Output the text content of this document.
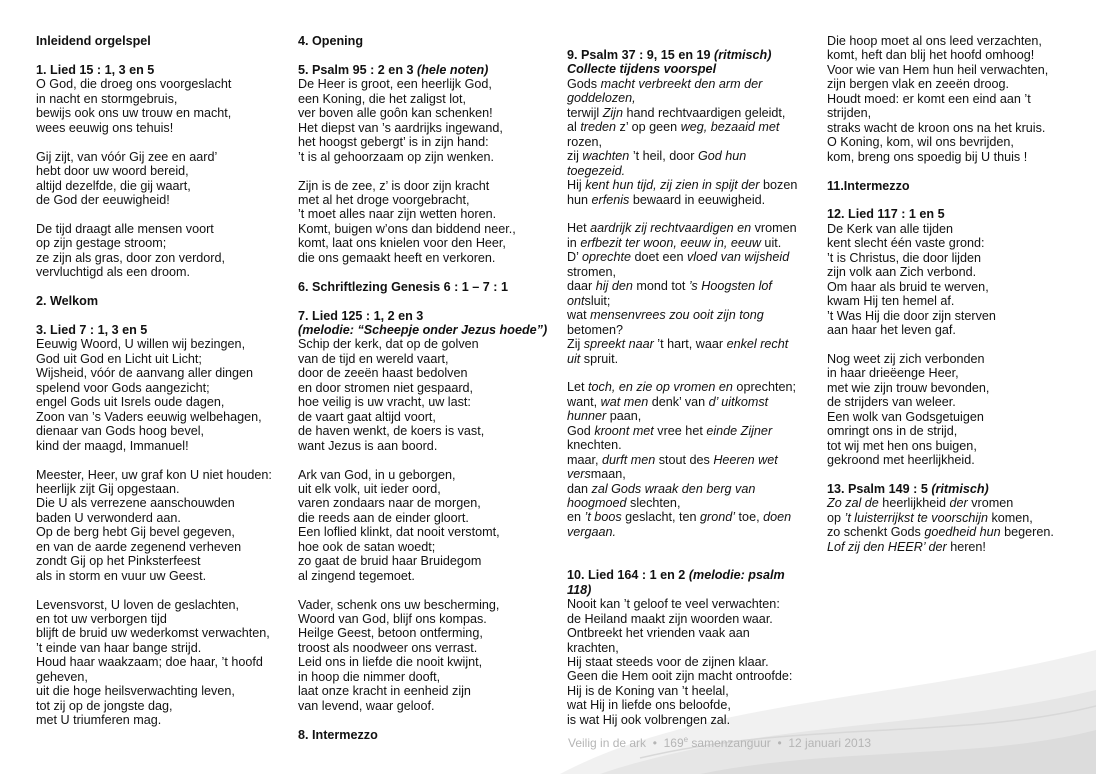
Inleidend orgelspel
1. Lied 15 : 1, 3 en 5

O God, die droeg ons voorgeslacht

in nacht en stormgebruis,

bewijs ook ons uw trouw en macht,

wees eeuwig ons tehuis!

Gij zijt, van vóór Gij zee en aard’

hebt door uw woord bereid,

altijd dezelfde, die gij waart,

de God der eeuwigheid!

De tijd draagt alle mensen voort

op zijn gestage stroom;

ze zijn als gras, door zon verdord,

vervluchtigd als een droom.

2. Welkom
3. Lied 7 : 1, 3 en 5

Eeuwig Woord, U willen wij bezingen,

God uit God en Licht uit Licht;

Wijsheid, vóór de aanvang aller dingen

spelend voor Gods aangezicht;

engel Gods uit Isrels oude dagen,

Zoon van ’s Vaders eeuwig welbehagen,

dienaar van Gods hoog bevel,

kind der maagd, Immanuel!

Meester, Heer, uw graf kon U niet houden:

heerlijk zijt Gij opgestaan.

Die U als verrezene aanschouwden

baden U verwonderd aan.

Op de berg hebt Gij bevel gegeven,

en van de aarde zegenend verheven

zondt Gij op het Pinksterfeest

als in storm en vuur uw Geest.

Levensvorst, U loven de geslachten,

en tot uw verborgen tijd

blijft de bruid uw wederkomst verwachten,

’t einde van haar bange strijd.

Houd haar waakzaam; doe haar, ’t hoofd

geheven,

uit die hoge heilsverwachting leven,

tot zij op de jongste dag,

met U triumferen mag.

4. Opening
5. Psalm 95 : 2 en 3 (hele noten)

De Heer is groot, een heerlijk God,

een Koning, die het zaligst lot,

ver boven alle goôn kan schenken!

Het diepst van ’s aardrijks ingewand,

het hoogst gebergt’ is in zijn hand:

’t is al gehoorzaam op zijn wenken.

Zijn is de zee, z’ is door zijn kracht

met al het droge voorgebracht,

’t moet alles naar zijn wetten horen.

Komt, buigen w’ons dan biddend neer.,

komt, laat ons knielen voor den Heer,

die ons gemaakt heeft en verkoren.

6. Schriftlezing Genesis 6 : 1 – 7 : 1
7. Lied 125 : 1, 2 en 3
(melodie: “Scheepje onder Jezus hoede”)

Schip der kerk, dat op de golven

van de tijd en wereld vaart,

door de zeeën haast bedolven

en door stromen niet gespaard,

hoe veilig is uw vracht, uw last:

de vaart gaat altijd voort,

de haven wenkt, de koers is vast,

want Jezus is aan boord.

Ark van God, in u geborgen,

uit elk volk, uit ieder oord,

varen zondaars naar de morgen,

die reeds aan de einder gloort.

Een loflied klinkt, dat nooit verstomt,

hoe ook de satan woedt;

zo gaat de bruid haar Bruidegom

al zingend tegemoet.

Vader, schenk ons uw bescherming,

Woord van God, blijf ons kompas.

Heilge Geest, betoon ontferming,

troost als noodweer ons verrast.

Leid ons in liefde die nooit kwijnt,

in hoop die nimmer dooft,

laat onze kracht in eenheid zijn

van levend, waar geloof.

8. Intermezzo
9. Psalm 37 : 9, 15 en 19 (ritmisch)
Collecte tijdens voorspel

Gods macht verbreekt den arm der

goddelozen,

terwijl Zijn hand rechtvaardigen geleidt,

al treden z’ op geen weg, bezaaid met

rozen,

zij wachten ’t heil, door God hun

toegezeid.

Hij kent hun tijd, zij zien in spijt der bozen

hun erfenis bewaard in eeuwigheid.

Het aardrijk zij rechtvaardigen en vromen

in erfbezit ter woon, eeuw in, eeuw uit.

D’ oprechte doet een vloed van wijsheid

stromen,

daar hij den mond tot ’s Hoogsten lof

ontsluit;

wat mensenvrees zou ooit zijn tong

betomen?

Zij spreekt naar ’t hart, waar enkel recht

uit spruit.

Let toch, en zie op vromen en oprechten;

want, wat men denk’ van d’ uitkomst

hunner paan,

God kroont met vree het einde Zijner

knechten.

maar, durft men stout des Heeren wet

versmaan,

dan zal Gods wraak den berg van

hoogmoed slechten,

en ’t boos geslacht, ten grond’ toe, doen

vergaan.

10. Lied 164 : 1 en 2 (melodie: psalm
118)

Nooit kan ’t geloof te veel verwachten:

de Heiland maakt zijn woorden waar.

Ontbreekt het vrienden vaak aan

krachten,

Hij staat steeds voor de zijnen klaar.

Geen die Hem ooit zijn macht ontroofde:

Hij is de Koning van ’t heelal,

wat Hij in liefde ons beloofde,

is wat Hij ook volbrengen zal.

Die hoop moet al ons leed verzachten,

komt, heft dan blij het hoofd omhoog!

Voor wie van Hem hun heil verwachten,

zijn bergen vlak en zeeën droog.

Houdt moed: er komt een eind aan ’t

strijden,

straks wacht de kroon ons na het kruis.

O Koning, kom, wil ons bevrijden,

kom, breng ons spoedig bij U thuis !

11.Intermezzo
12. Lied 117 : 1 en 5

De Kerk van alle tijden

kent slecht één vaste grond:

’t is Christus, die door lijden

zijn volk aan Zich verbond.

Om haar als bruid te werven,

kwam Hij ten hemel af.

’t Was Hij die door zijn sterven

aan haar het leven gaf.

Nog weet zij zich verbonden

in haar drieëenge Heer,

met wie zijn trouw bevonden,

de strijders van weleer.

Een wolk van Godsgetuigen

omringt ons in de strijd,

tot wij met hen ons buigen,

gekroond met heerlijkheid.

13. Psalm 149 : 5 (ritmisch)

Zo zal de heerlijkheid der vromen

op ’t luisterrijkst te voorschijn komen,

zo schenkt Gods goedheid hun begeren.

Lof zij den HEER’ der heren!

Veilig in de ark • 169e samenzanguur • 12 januari 2013
